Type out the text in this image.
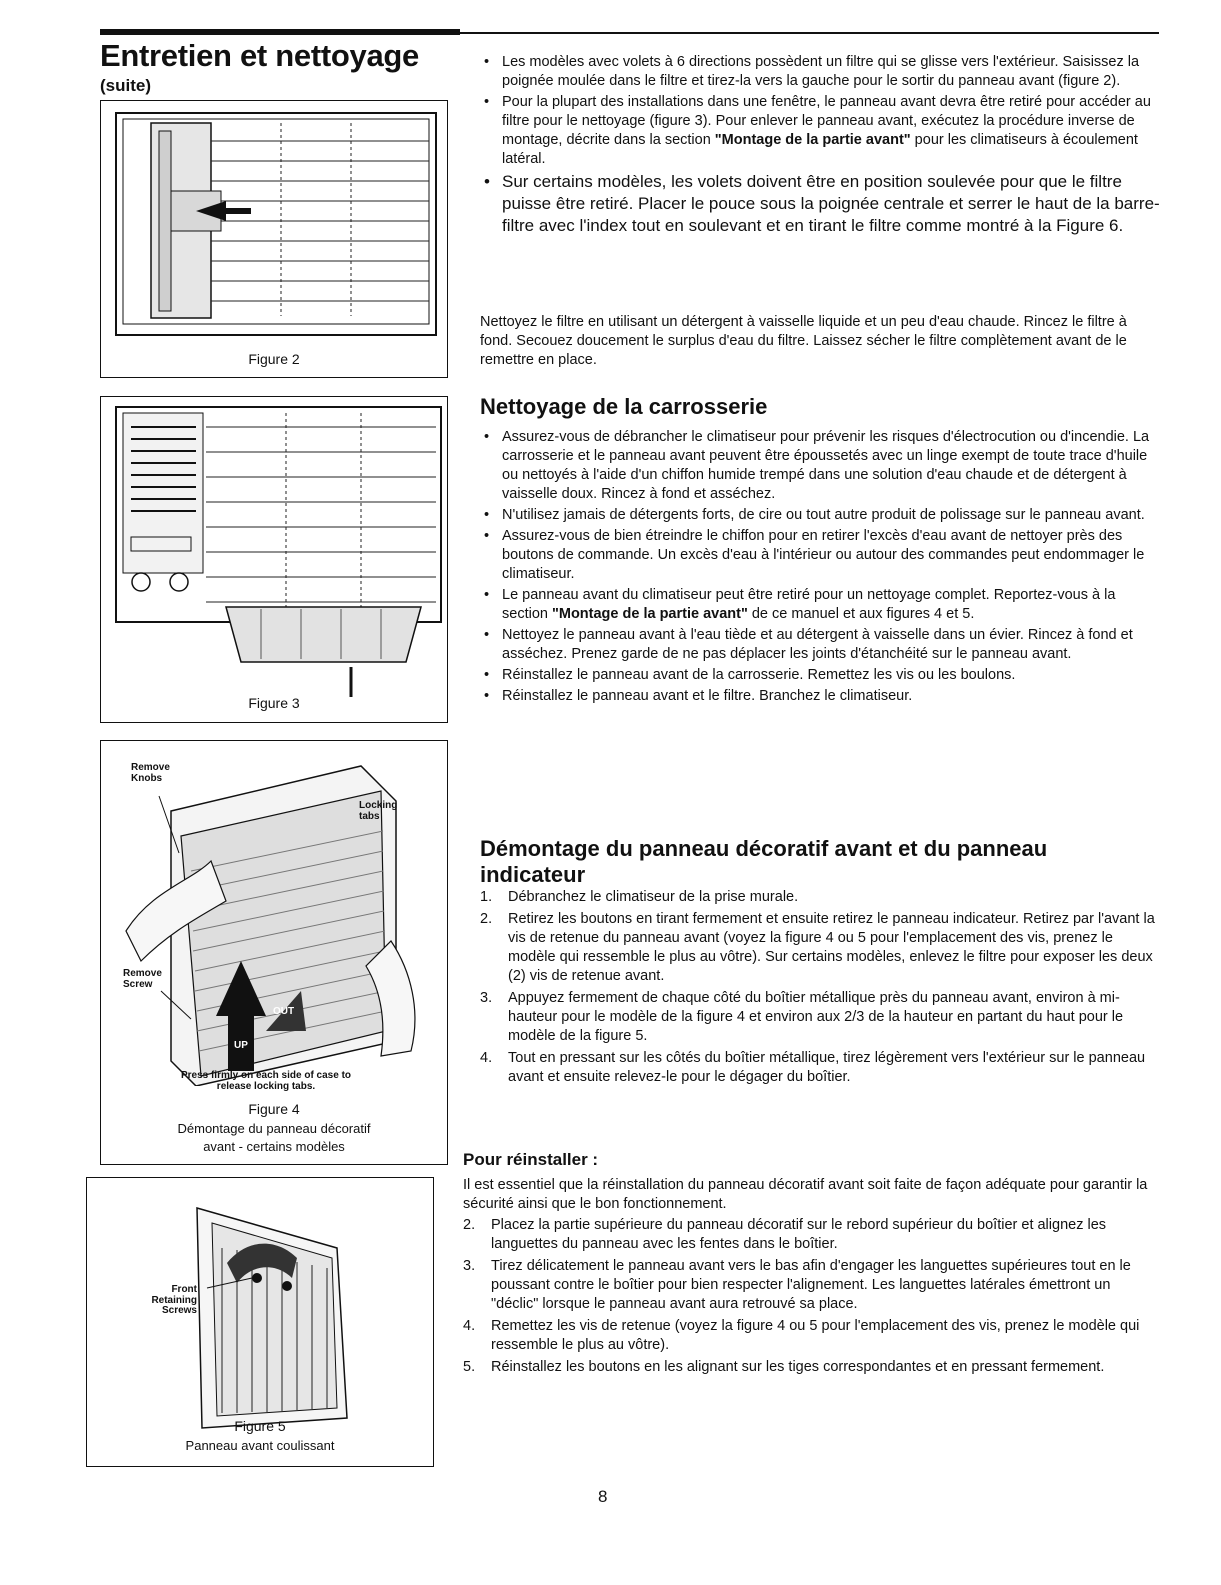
Entretien et nettoyage
(suite)
Figure 2
Figure 3
Remove Knobs
Locking tabs
Remove Screw
UP
OUT
Press firmly on each side of case to release locking tabs.
Figure 4
Démontage du panneau décoratif
avant - certains modèles
Front Retaining Screws
Figure 5
Panneau avant coulissant

• Les modèles avec volets à 6 directions possèdent un filtre qui se glisse vers l'extérieur. Saisissez la poignée moulée dans le filtre et tirez-la vers la gauche pour le sortir du panneau avant (figure 2).

• Pour la plupart des installations dans une fenêtre, le panneau avant devra être retiré pour accéder au filtre pour le nettoyage (figure 3). Pour enlever le panneau avant, exécutez la procédure inverse de montage, décrite dans la section "Montage de la partie avant" pour les climatiseurs à écoulement latéral.

• Sur certains modèles, les volets doivent être en position soulevée pour que le filtre puisse être retiré. Placer le pouce sous la poignée centrale et serrer le haut de la barre-filtre avec l'index tout en soulevant et en tirant le filtre comme montré à la Figure 6.

Nettoyez le filtre en utilisant un détergent à vaisselle liquide et un peu d'eau chaude. Rincez le filtre à fond. Secouez doucement le surplus d'eau du filtre. Laissez sécher le filtre complètement avant de le remettre en place.
Nettoyage de la carrosserie

• Assurez-vous de débrancher le climatiseur pour prévenir les risques d'électrocution ou d'incendie. La carrosserie et le panneau avant peuvent être époussetés avec un linge exempt de toute trace d'huile ou nettoyés à l'aide d'un chiffon humide trempé dans une solution d'eau chaude et de détergent à vaisselle doux. Rincez à fond et asséchez.

• N'utilisez jamais de détergents forts, de cire ou tout autre produit de polissage sur le panneau avant.

• Assurez-vous de bien étreindre le chiffon pour en retirer l'excès d'eau avant de nettoyer près des boutons de commande. Un excès d'eau à l'intérieur ou autour des commandes peut endommager le climatiseur.

• Le panneau avant du climatiseur peut être retiré pour un nettoyage complet. Reportez-vous à la section "Montage de la partie avant" de ce manuel et aux figures 4 et 5.

• Nettoyez le panneau avant à l'eau tiède et au détergent à vaisselle dans un évier. Rincez à fond et asséchez. Prenez garde de ne pas déplacer les joints d'étanchéité sur le panneau avant.

• Réinstallez le panneau avant de la carrosserie. Remettez les vis ou les boulons.

• Réinstallez le panneau avant et le filtre. Branchez le climatiseur.

Démontage du panneau décoratif avant et du panneau indicateur

1. Débranchez le climatiseur de la prise murale.

2. Retirez les boutons en tirant fermement et ensuite retirez le panneau indicateur. Retirez par l'avant la vis de retenue du panneau avant (voyez la figure 4 ou 5 pour l'emplacement des vis, prenez le modèle qui ressemble le plus au vôtre). Sur certains modèles, enlevez le filtre pour exposer les deux (2) vis de retenue avant.

3. Appuyez fermement de chaque côté du boîtier métallique près du panneau avant, environ à mi-hauteur pour le modèle de la figure 4 et environ aux 2/3 de la hauteur en partant du haut pour le modèle de la figure 5.

4. Tout en pressant sur les côtés du boîtier métallique, tirez légèrement vers l'extérieur sur le panneau avant et ensuite relevez-le pour le dégager du boîtier.

Pour réinstaller :
Il est essentiel que la réinstallation du panneau décoratif avant soit faite de façon adéquate pour garantir la sécurité ainsi que le bon fonctionnement.

2. Placez la partie supérieure du panneau décoratif sur le rebord supérieur du boîtier et alignez les languettes du panneau avec les fentes dans le boîtier.

3. Tirez délicatement le panneau avant vers le bas afin d'engager les languettes supérieures tout en le poussant contre le boîtier pour bien respecter l'alignement. Les languettes latérales émettront un "déclic" lorsque le panneau avant aura retrouvé sa place.

4. Remettez les vis de retenue (voyez la figure 4 ou 5 pour l'emplacement des vis, prenez le modèle qui ressemble le plus au vôtre).

5. Réinstallez les boutons en les alignant sur les tiges correspondantes et en pressant fermement.

8
